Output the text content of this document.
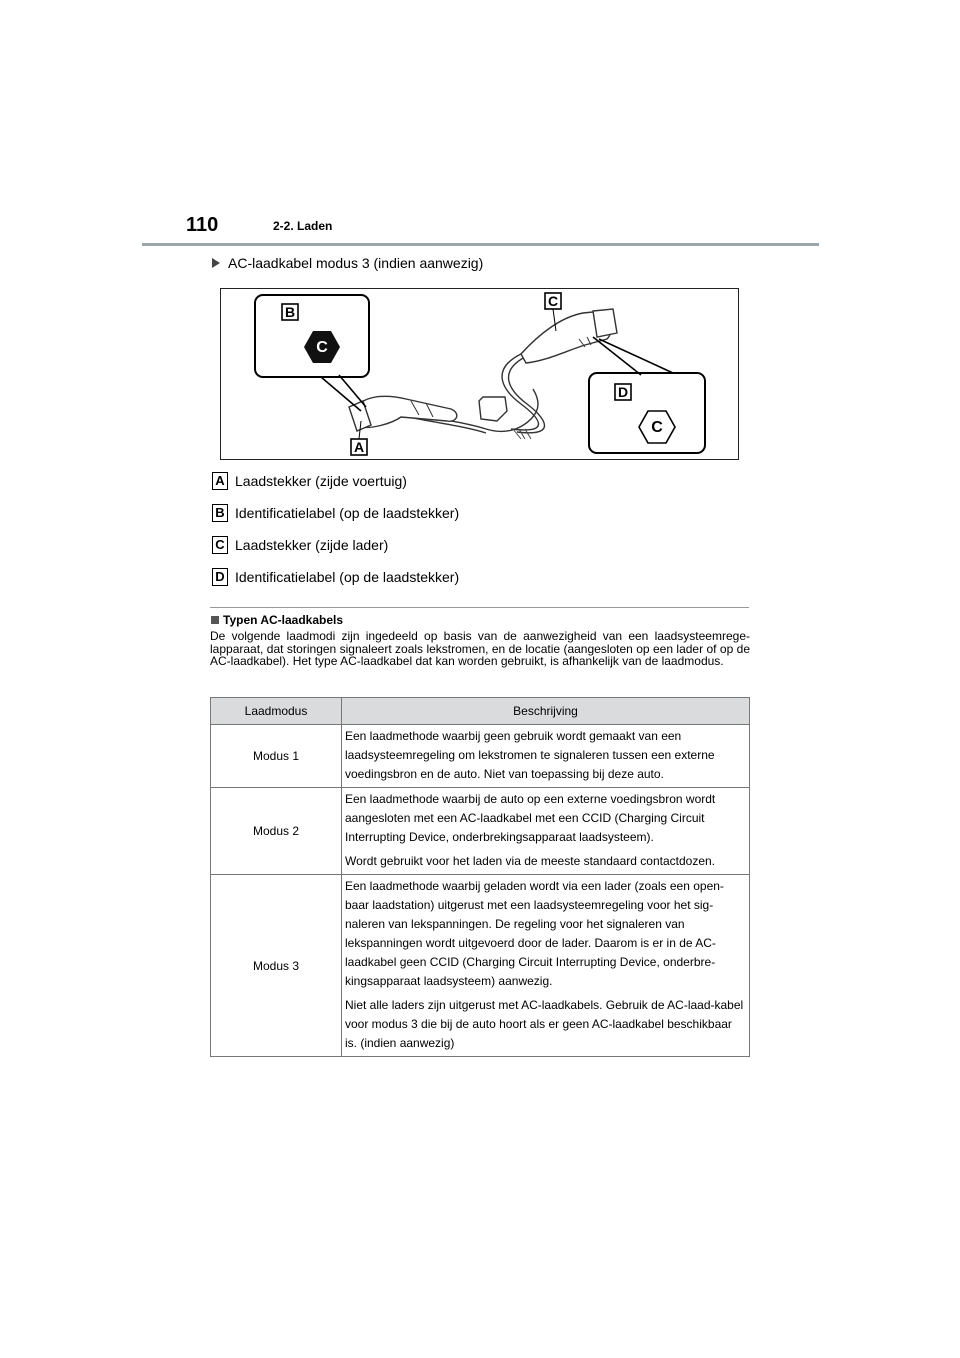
110	2-2. Laden
AC-laadkabel modus 3 (indien aanwezig)
B
C
D
C
C
A
A Laadstekker (zijde voertuig)
B Identificatielabel (op de laadstekker)
C Laadstekker (zijde lader)
D Identificatielabel (op de laadstekker)
Typen AC-laadkabels
De volgende laadmodi zijn ingedeeld op basis van de aanwezigheid van een laadsysteemrege-lapparaat, dat storingen signaleert zoals lekstromen, en de locatie (aangesloten op een lader of op de AC-laadkabel). Het type AC-laadkabel dat kan worden gebruikt, is afhankelijk van de laadmodus.
Laadmodus	Beschrijving
Modus 1	Een laadmethode waarbij geen gebruik wordt gemaakt van een laadsysteemregeling om lekstromen te signaleren tussen een externe voedingsbron en de auto. Niet van toepassing bij deze auto.

Modus 2	Een laadmethode waarbij de auto op een externe voedingsbron wordt aangesloten met een AC-laadkabel met een CCID (Charging Circuit Interrupting Device, onderbrekingsapparaat laadsysteem).

Wordt gebruikt voor het laden via de meeste standaard contactdozen.

Modus 3	Een laadmethode waarbij geladen wordt via een lader (zoals een open-baar laadstation) uitgerust met een laadsysteemregeling voor het sig-naleren van lekspanningen. De regeling voor het signaleren van lekspanningen wordt uitgevoerd door de lader. Daarom is er in de AC-laadkabel geen CCID (Charging Circuit Interrupting Device, onderbre-kingsapparaat laadsysteem) aanwezig.

Niet alle laders zijn uitgerust met AC-laadkabels. Gebruik de AC-laad-kabel voor modus 3 die bij de auto hoort als er geen AC-laadkabel beschikbaar is. (indien aanwezig)
